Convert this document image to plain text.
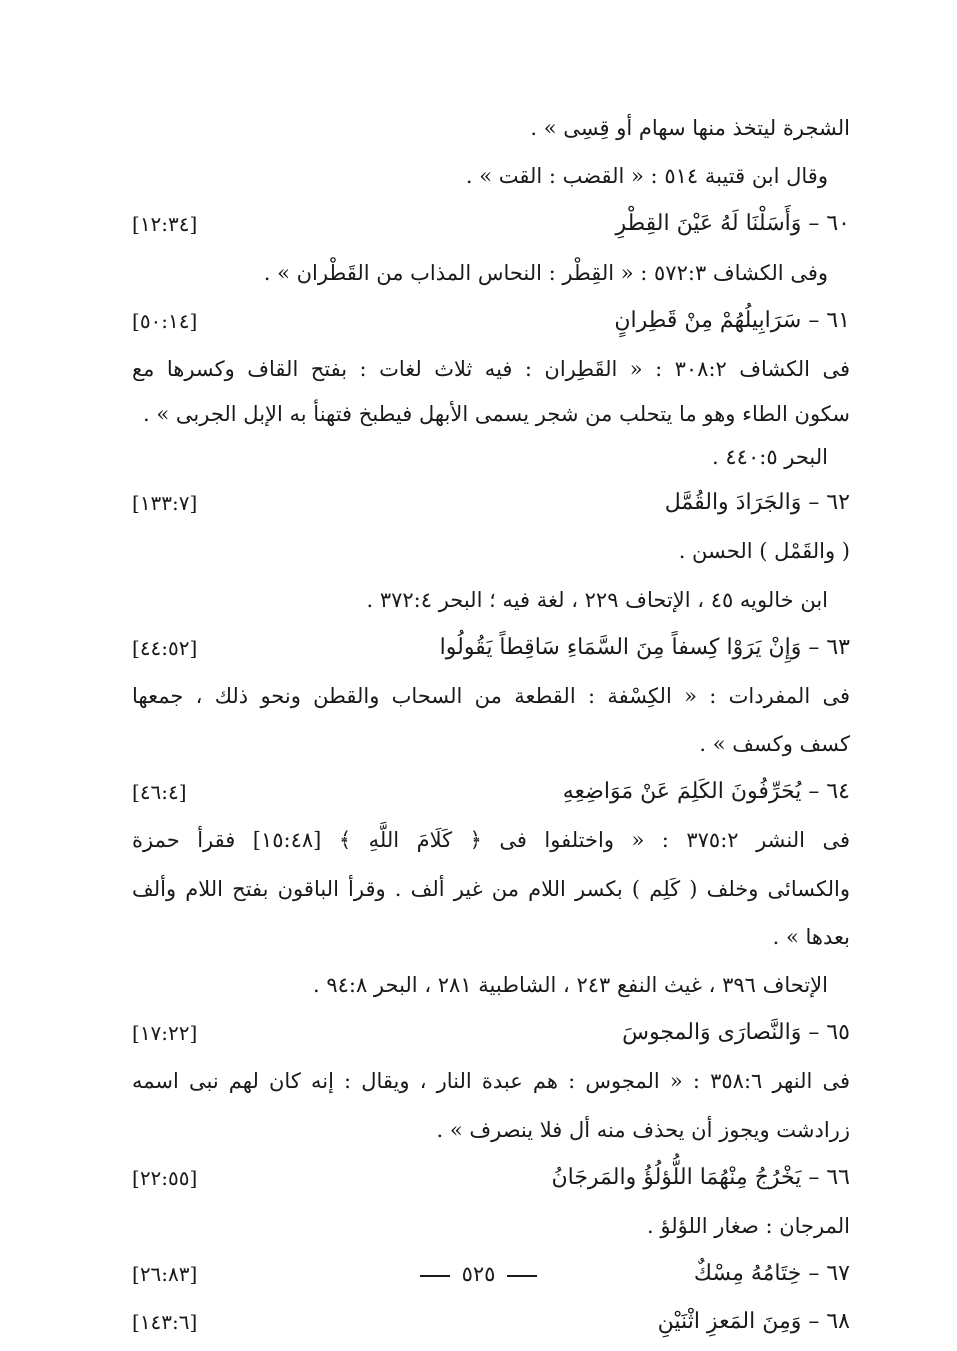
الشجرة ليتخذ منها سهام أو قِسِى » .
وقال ابن قتيبة ٥١٤ : « القضب : القت » .
٦٠ – وَأَسَلْنَا لَهُ عَيْنَ القِطْرِ
[١٢:٣٤]
وفى الكشاف ٥٧٢:٣ : « القِطْر : النحاس المذاب من القَطْران » .
٦١ – سَرَابِيلُهُمْ مِنْ قَطِرانٍ
[٥٠:١٤]
فى الكشاف ٣٠٨:٢ : « القَطِران : فيه ثلاث لغات : بفتح القاف وكسرها مع
سكون الطاء وهو ما يتحلب من شجر يسمى الأبهل فيطبخ فتهنأ به الإبل الجربى » .
البحر ٤٤٠:٥ .
٦٢ – وَالجَرَادَ والقُمَّل
[١٣٣:٧]
( والقَمْل ) الحسن .
ابن خالويه ٤٥ ، الإتحاف ٢٢٩ ، لغة فيه ؛ البحر ٣٧٢:٤ .
٦٣ – وَإِنْ يَرَوْا كِسفاً مِنَ السَّمَاءِ سَاقِطاً يَقُولُوا
[٤٤:٥٢]
فى المفردات : « الكِسْفة : القطعة من السحاب والقطن ونحو ذلك ، جمعها
كسف وكسف » .
٦٤ – يُحَرِّفُونَ الكَلِمَ عَنْ مَوَاضِعِهِ
[٤٦:٤]
فى النشر ٣٧٥:٢ : « واختلفوا فى ﴿ كَلَامَ اللَّهِ ﴾ [١٥:٤٨] فقرأ حمزة
والكسائى وخلف ( كَلِم ) بكسر اللام من غير ألف . وقرأ الباقون بفتح اللام وألف
بعدها » .
الإتحاف ٣٩٦ ، غيث النفع ٢٤٣ ، الشاطبية ٢٨١ ، البحر ٩٤:٨ .
٦٥ – وَالنَّصارَى وَالمجوسَ
[١٧:٢٢]
فى النهر ٣٥٨:٦ : « المجوس : هم عبدة النار ، ويقال : إنه كان لهم نبى اسمه
زرادشت ويجوز أن يحذف منه أل فلا ينصرف » .
٦٦ – يَخْرُجُ مِنْهُمَا اللُّؤلُؤُ والمَرجَانُ
[٢٢:٥٥]
المرجان : صغار اللؤلؤ .
٦٧ – خِتَامُهُ مِسْكٌ
[٢٦:٨٣]
٦٨ – وَمِنَ المَعزِ اثْنَيْنِ
[١٤٣:٦]
٥٢٥
